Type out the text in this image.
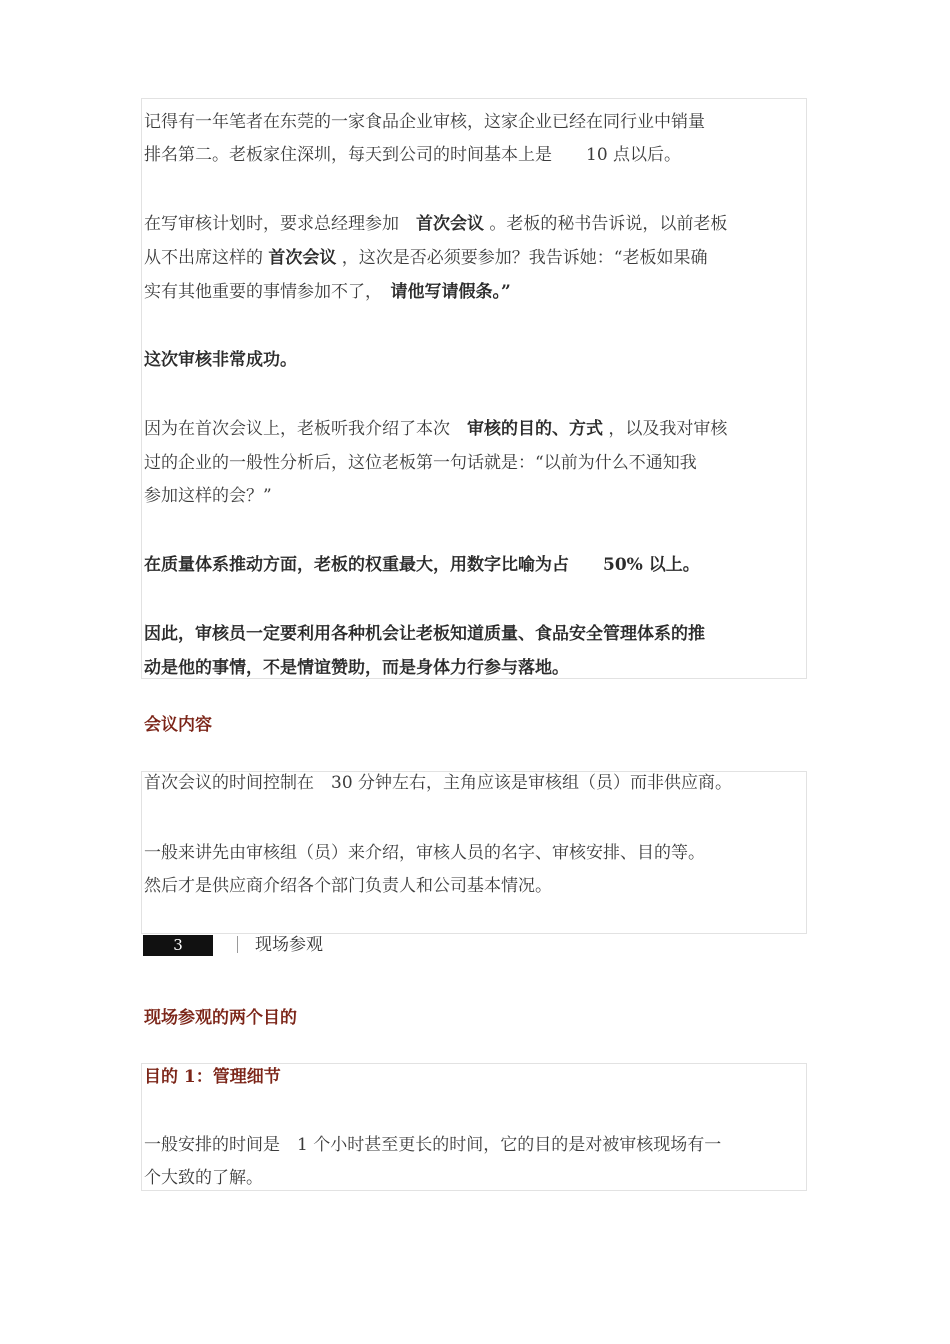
记得有一年笔者在东莞的一家食品企业审核，这家企业已经在同行业中销量
排名第二。老板家住深圳，每天到公司的时间基本上是　　10 点以后。
在写审核计划时，要求总经理参加　首次会议 。老板的秘书告诉说，以前老板
从不出席这样的 首次会议 ，这次是否必须要参加？我告诉她：“老板如果确
实有其他重要的事情参加不了，　请他写请假条。”
这次审核非常成功。
因为在首次会议上，老板听我介绍了本次　审核的目的、方式 ，以及我对审核
过的企业的一般性分析后，这位老板第一句话就是：“以前为什么不通知我
参加这样的会？”
在质量体系推动方面，老板的权重最大，用数字比喻为占　　50% 以上。
因此，审核员一定要利用各种机会让老板知道质量、食品安全管理体系的推
动是他的事情，不是情谊赞助，而是身体力行参与落地。
会议内容
首次会议的时间控制在　30 分钟左右，主角应该是审核组（员）而非供应商。
一般来讲先由审核组（员）来介绍，审核人员的名字、审核安排、目的等。
然后才是供应商介绍各个部门负责人和公司基本情况。
3	现场参观
现场参观的两个目的
目的 1：管理细节
一般安排的时间是　1 个小时甚至更长的时间，它的目的是对被审核现场有一
个大致的了解。
